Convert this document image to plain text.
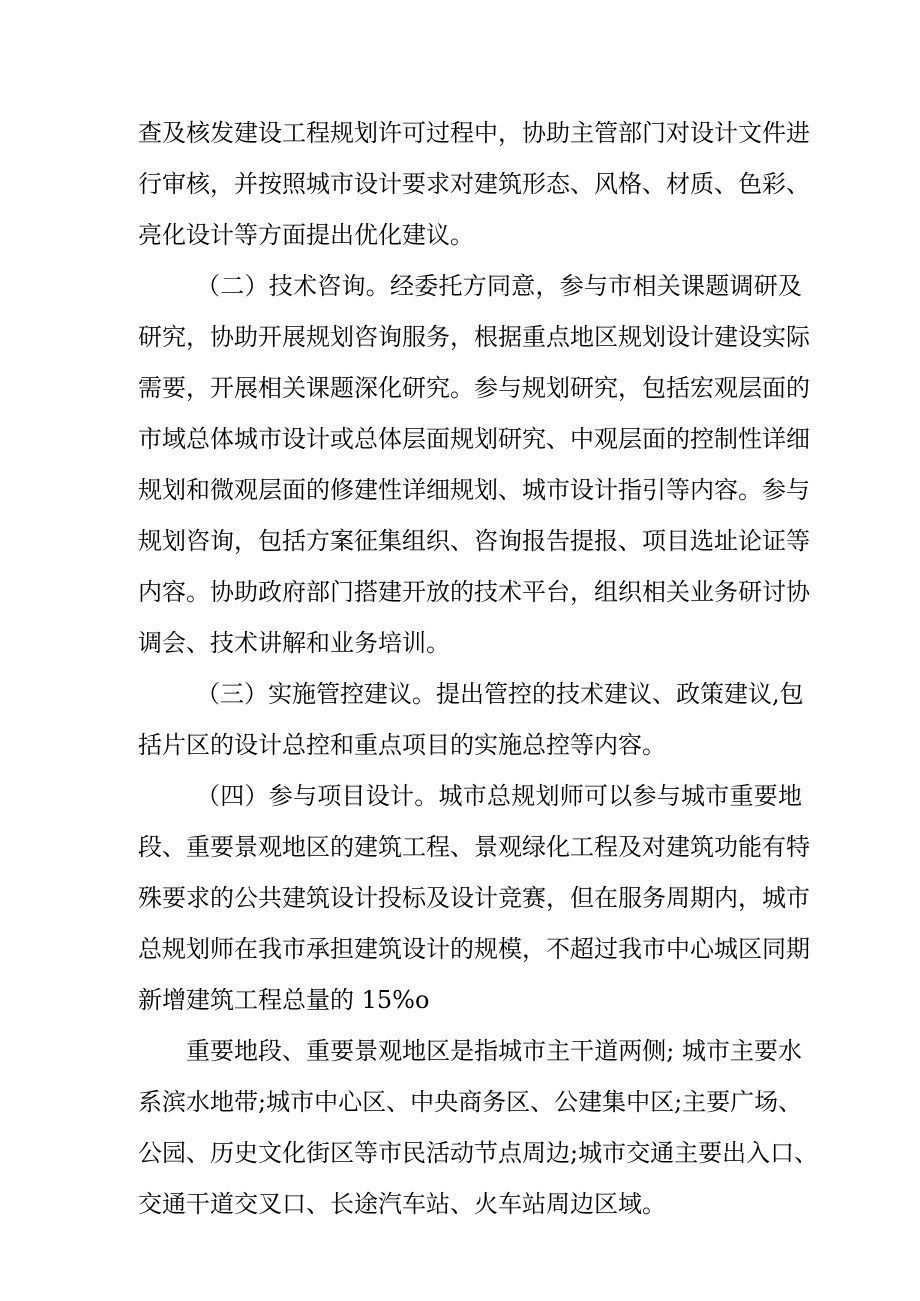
查及核发建设工程规划许可过程中，协助主管部门对设计文件进
行审核，并按照城市设计要求对建筑形态、风格、材质、色彩、
亮化设计等方面提出优化建议。
（二）技术咨询。经委托方同意，参与市相关课题调研及
研究，协助开展规划咨询服务，根据重点地区规划设计建设实际
需要，开展相关课题深化研究。参与规划研究，包括宏观层面的
市域总体城市设计或总体层面规划研究、中观层面的控制性详细
规划和微观层面的修建性详细规划、城市设计指引等内容。参与
规划咨询，包括方案征集组织、咨询报告提报、项目选址论证等
内容。协助政府部门搭建开放的技术平台，组织相关业务研讨协
调会、技术讲解和业务培训。
（三）实施管控建议。提出管控的技术建议、政策建议,包
括片区的设计总控和重点项目的实施总控等内容。
（四）参与项目设计。城市总规划师可以参与城市重要地
段、重要景观地区的建筑工程、景观绿化工程及对建筑功能有特
殊要求的公共建筑设计投标及设计竞赛，但在服务周期内，城市
总规划师在我市承担建筑设计的规模，不超过我市中心城区同期
新增建筑工程总量的 15%o
重要地段、重要景观地区是指城市主干道两侧; 城市主要水
系滨水地带;城市中心区、中央商务区、公建集中区;主要广场、
公园、历史文化街区等市民活动节点周边;城市交通主要出入口、
交通干道交叉口、长途汽车站、火车站周边区域。
